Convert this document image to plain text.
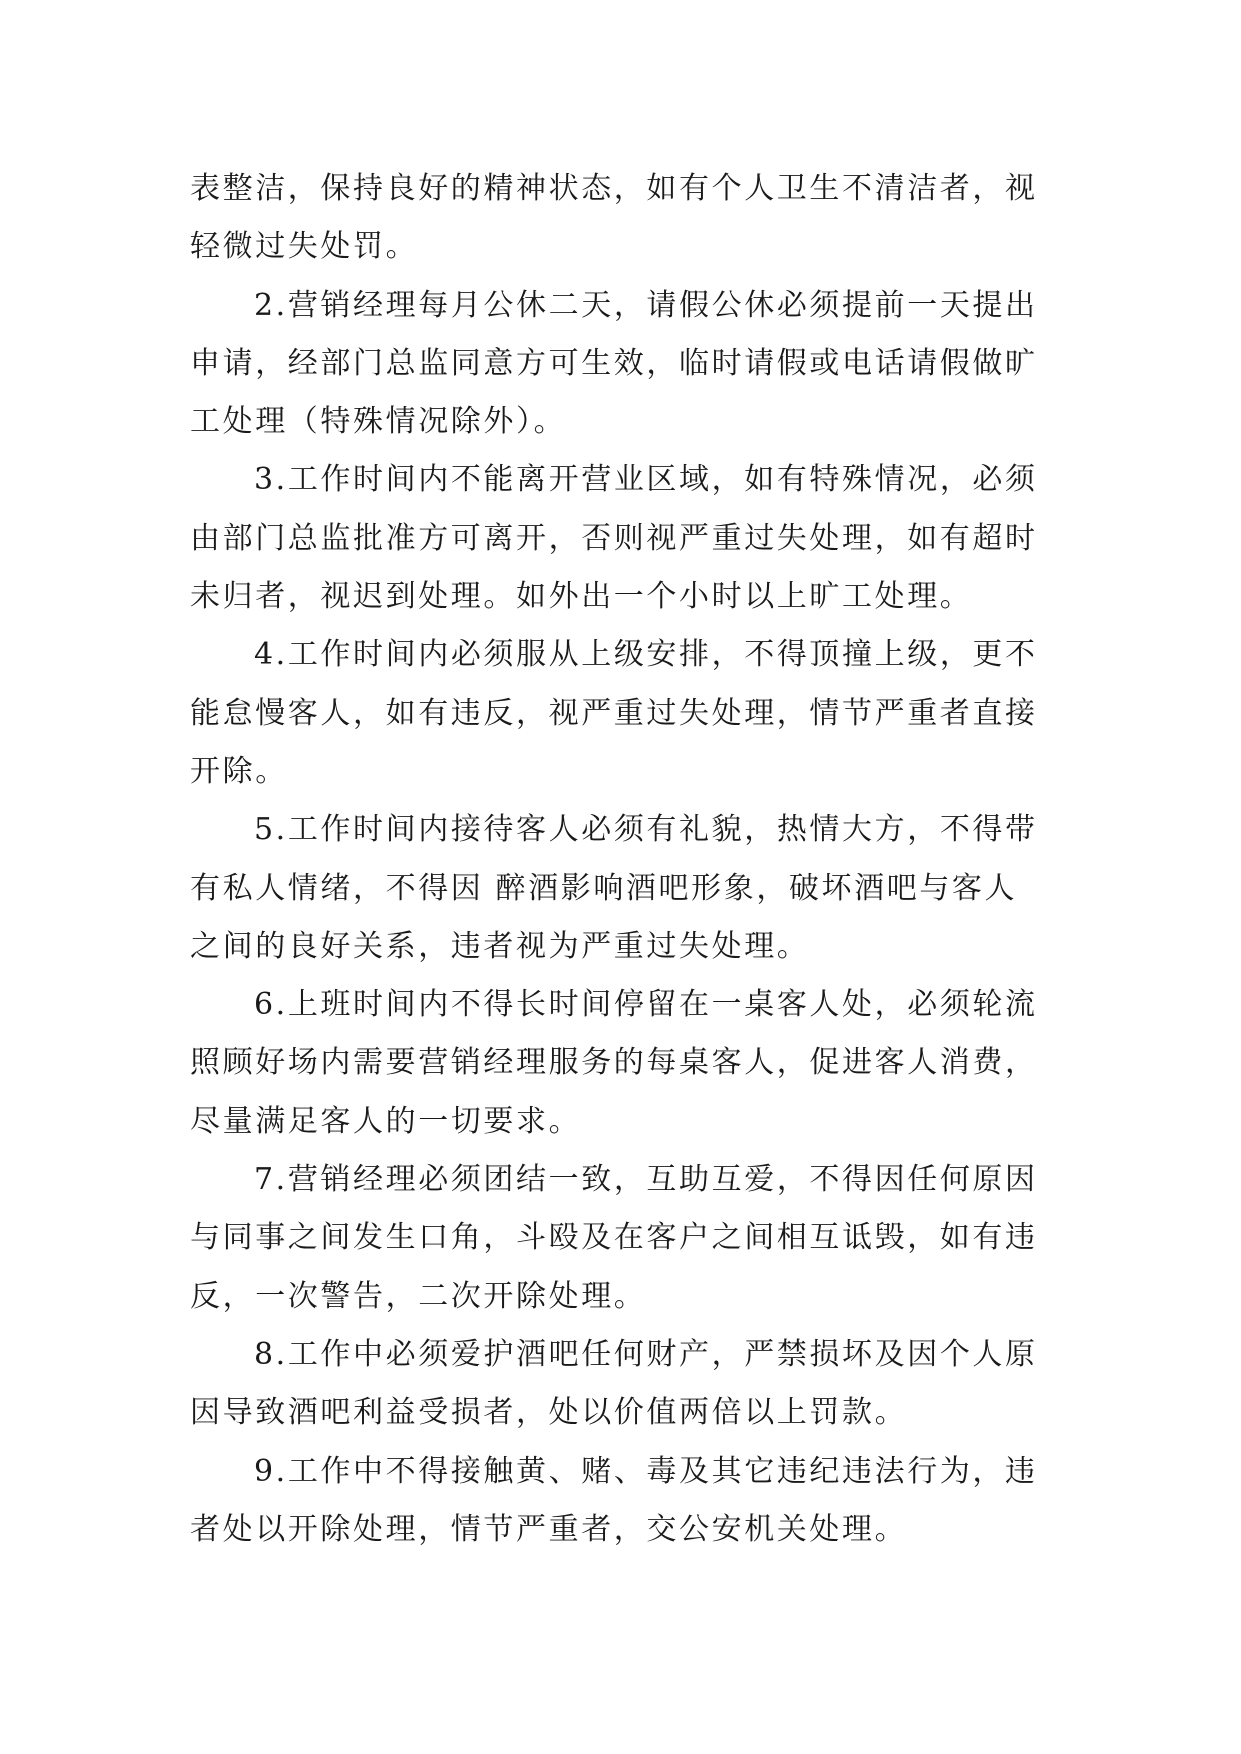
表整洁，保持良好的精神状态，如有个人卫生不清洁者，视
轻微过失处罚。
2.营销经理每月公休二天，请假公休必须提前一天提出
申请，经部门总监同意方可生效，临时请假或电话请假做旷
工处理（特殊情况除外）。
3.工作时间内不能离开营业区域，如有特殊情况，必须
由部门总监批准方可离开，否则视严重过失处理，如有超时
未归者，视迟到处理。如外出一个小时以上旷工处理。
4.工作时间内必须服从上级安排，不得顶撞上级，更不
能怠慢客人，如有违反，视严重过失处理，情节严重者直接
开除。
5.工作时间内接待客人必须有礼貌，热情大方，不得带
有私人情绪，不得因 醉酒影响酒吧形象，破坏酒吧与客人
之间的良好关系，违者视为严重过失处理。
6.上班时间内不得长时间停留在一桌客人处，必须轮流
照顾好场内需要营销经理服务的每桌客人，促进客人消费，
尽量满足客人的一切要求。
7.营销经理必须团结一致，互助互爱，不得因任何原因
与同事之间发生口角，斗殴及在客户之间相互诋毁，如有违
反，一次警告，二次开除处理。
8.工作中必须爱护酒吧任何财产，严禁损坏及因个人原
因导致酒吧利益受损者，处以价值两倍以上罚款。
9.工作中不得接触黄、赌、毒及其它违纪违法行为，违
者处以开除处理，情节严重者，交公安机关处理。
